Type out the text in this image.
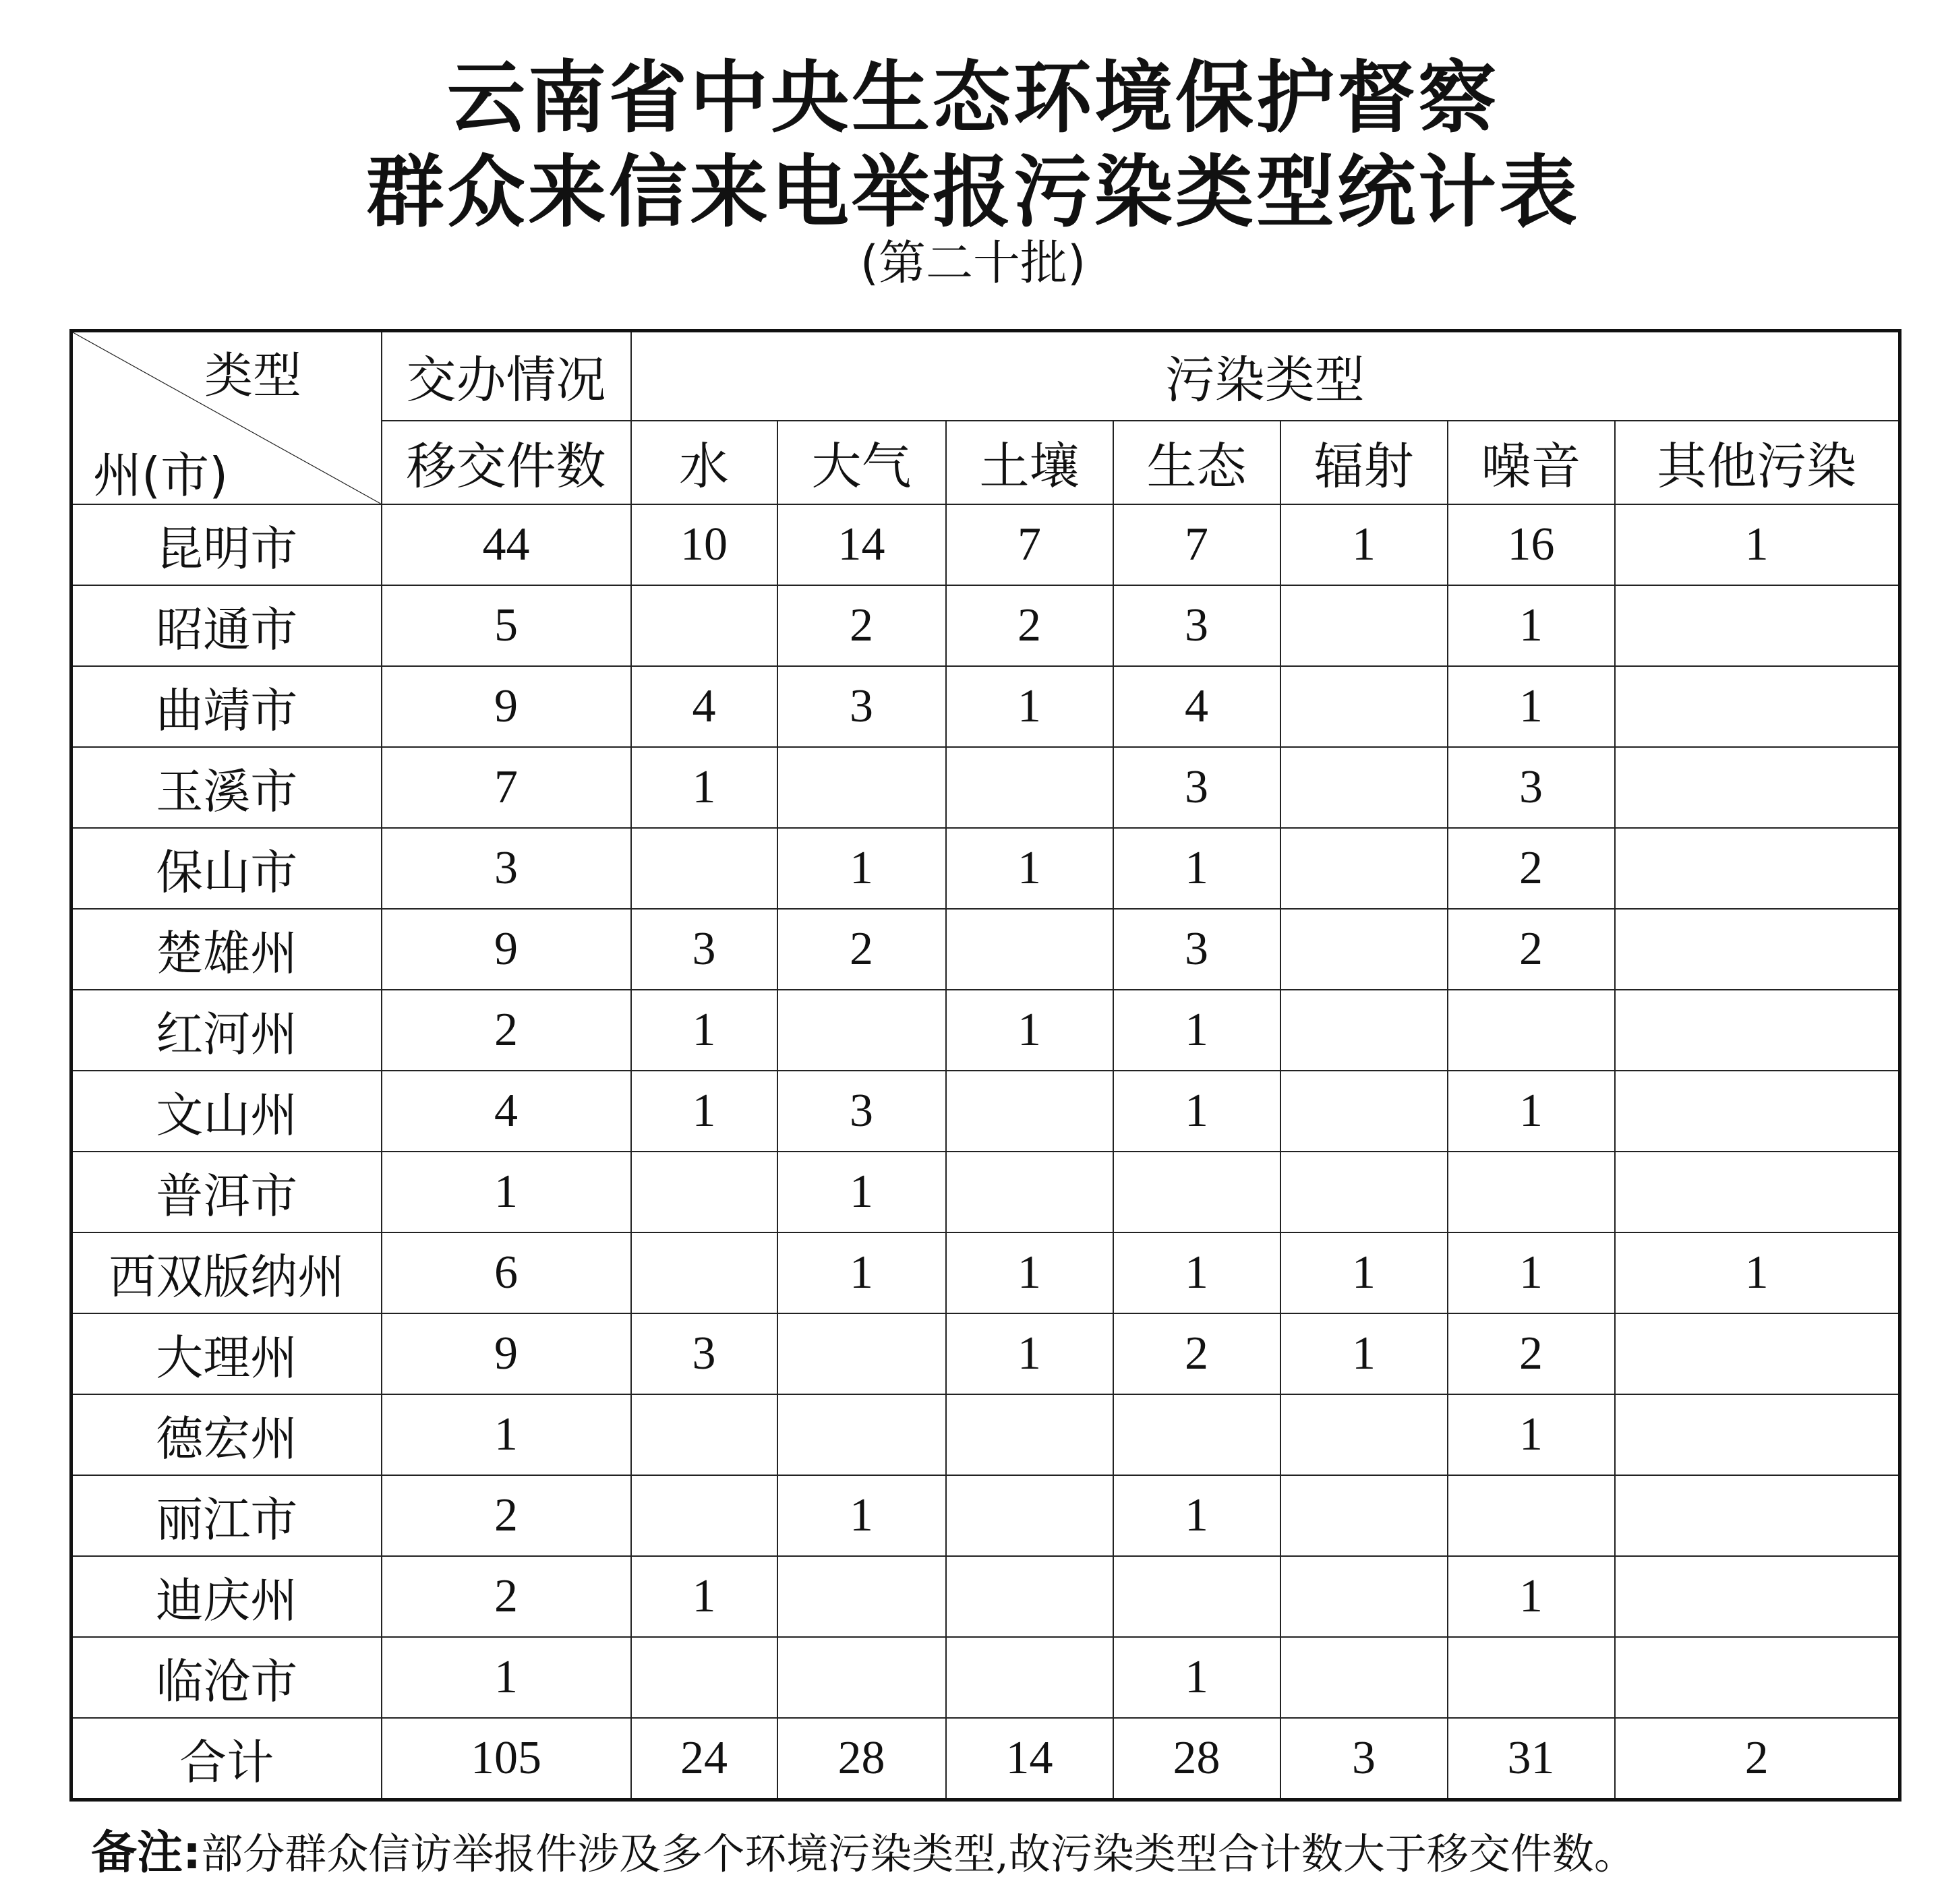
云南省中央生态环境保护督察
群众来信来电举报污染类型统计表
(第二十批)
类型
州(市)	交办情况	污染类型						
	移交件数	水	大气	土壤	生态	辐射	噪音	其他污染
昆明市	44	10	14	7	7	1	16	1
昭通市	5		2	2	3		1	
曲靖市	9	4	3	1	4		1	
玉溪市	7	1			3		3	
保山市	3		1	1	1		2	
楚雄州	9	3	2		3		2	
红河州	2	1		1	1			
文山州	4	1	3		1		1	
普洱市	1		1					
西双版纳州	6		1	1	1	1	1	1
大理州	9	3		1	2	1	2	
德宏州	1						1	
丽江市	2		1		1			
迪庆州	2	1					1	
临沧市	1				1			
合计	105	24	28	14	28	3	31	2
备注:部分群众信访举报件涉及多个环境污染类型,故污染类型合计数大于移交件数。
